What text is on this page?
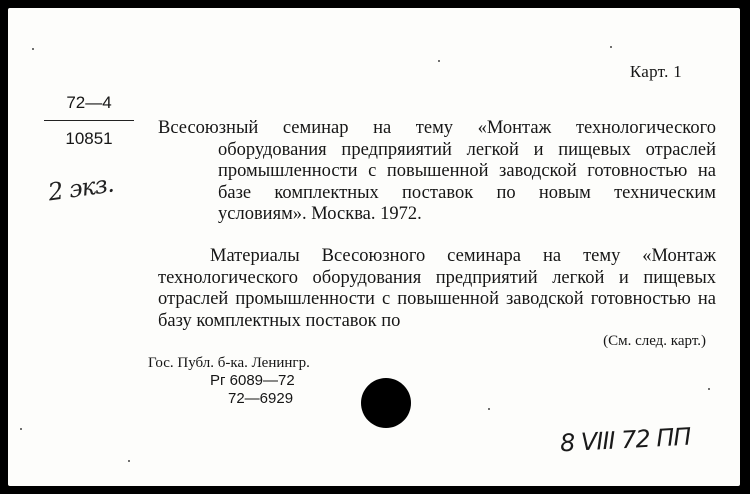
Карт. 1
72—4
10851
2 экз.
Всесоюзный семинар на тему «Монтаж технологического оборудования предпряиятий легкой и пищевых отраслей промышленности с повышенной заводской готовностью на базе комплектных поставок по новым техническим условиям». Москва. 1972.
Материалы Всесоюзного семинара на тему «Монтаж технологического оборудования предприятий легкой и пищевых отраслей промышленности с повышенной заводской готовностью на базу комплектных поставок по
(См. след. карт.)
Гос. Публ. б-ка. Ленингр.
Рг 6089—72
72—6929
8 VIII 72 ПП
